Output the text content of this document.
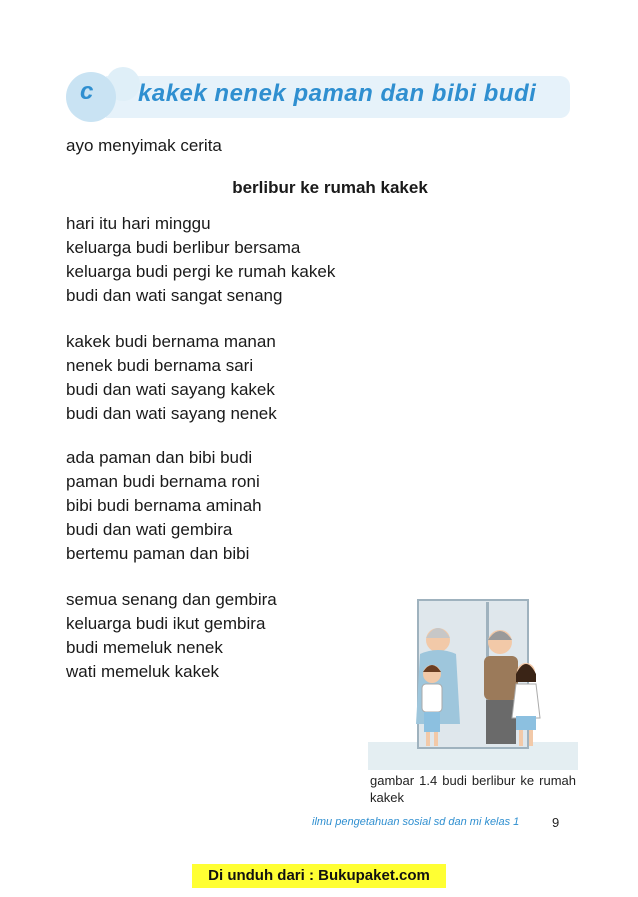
c kakek nenek paman dan bibi budi
ayo menyimak cerita
berlibur ke rumah kakek
hari itu hari minggu
keluarga budi berlibur bersama
keluarga budi pergi ke rumah kakek
budi dan wati sangat senang
kakek budi bernama manan
nenek budi bernama sari
budi dan wati sayang kakek
budi dan wati sayang nenek
ada paman dan bibi budi
paman budi bernama roni
bibi budi bernama aminah
budi dan wati gembira
bertemu paman dan bibi
semua senang dan gembira
keluarga budi ikut gembira
budi memeluk nenek
wati memeluk kakek
gambar 1.4 budi berlibur ke rumah kakek
ilmu pengetahuan sosial sd dan mi kelas 1	9
Di unduh dari : Bukupaket.com
